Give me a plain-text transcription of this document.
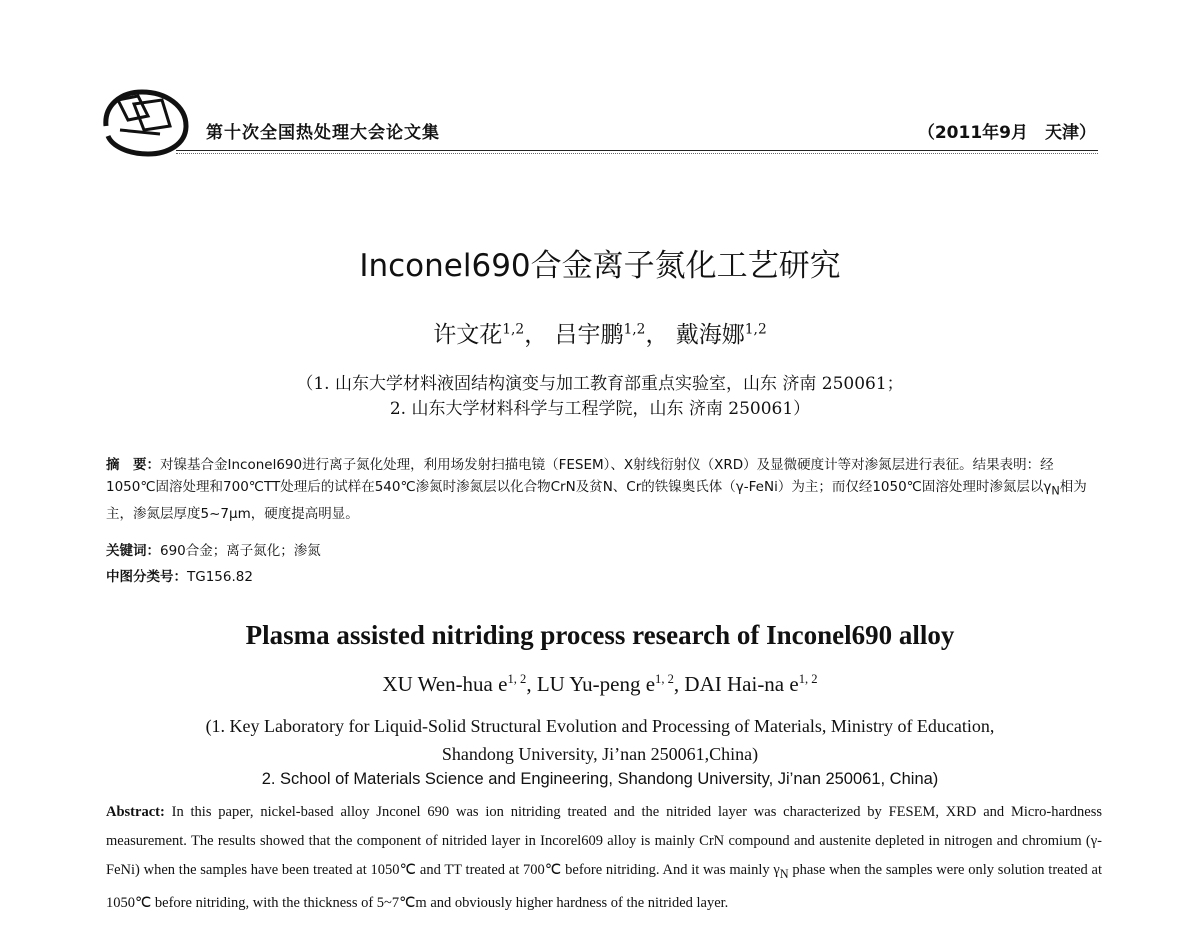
第十次全国热处理大会论文集	（2011年9月　天津）
Inconel690合金离子氮化工艺研究
许文花$^{1,2}$， 吕宇鹏$^{1,2}$， 戴海娜$^{1,2}$
（1. 山东大学材料液固结构演变与加工教育部重点实验室，山东 济南 250061；
2. 山东大学材料科学与工程学院，山东 济南 250061）
摘　要：对镍基合金Inconel690进行离子氮化处理，利用场发射扫描电镜（FESEM）、X射线衍射仪（XRD）及显微硬度计等对渗氮层进行表征。结果表明：经1050℃固溶处理和700℃TT处理后的试样在540℃渗氮时渗氮层以化合物CrN及贫N、Cr的铁镍奥氏体（γ-FeNi）为主；而仅经1050℃固溶处理时渗氮层以$\gamma_N$相为主，渗氮层厚度5~7μm，硬度提高明显。
关键词：690合金；离子氮化；渗氮
中图分类号：TG156.82
Plasma assisted nitriding process research of Inconel690 alloy
XU Wen-hua $e^{1, 2}$, LU Yu-peng $e^{1, 2}$, DAI Hai-na $e^{1, 2}$
(1. Key Laboratory for Liquid-Solid Structural Evolution and Processing of Materials, Ministry of Education,
Shandong University, Ji’nan 250061,China)
2. School of Materials Science and Engineering, Shandong University, Ji’nan 250061, China)
Abstract: In this paper, nickel-based alloy Jnconel 690 was ion nitriding treated and the nitrided layer was characterized by FESEM, XRD and Micro-hardness measurement. The results showed that the component of nitrided layer in Incorel609 alloy is mainly CrN compound and austenite depleted in nitrogen and chromium (γ-FeNi) when the samples have been treated at 1050℃ and TT treated at 700℃ before nitriding. And it was mainly $\gamma_N$ phase when the samples were only solution treated at 1050℃ before nitriding, with the thickness of 5~7℃m and obviously higher hardness of the nitrided layer.
